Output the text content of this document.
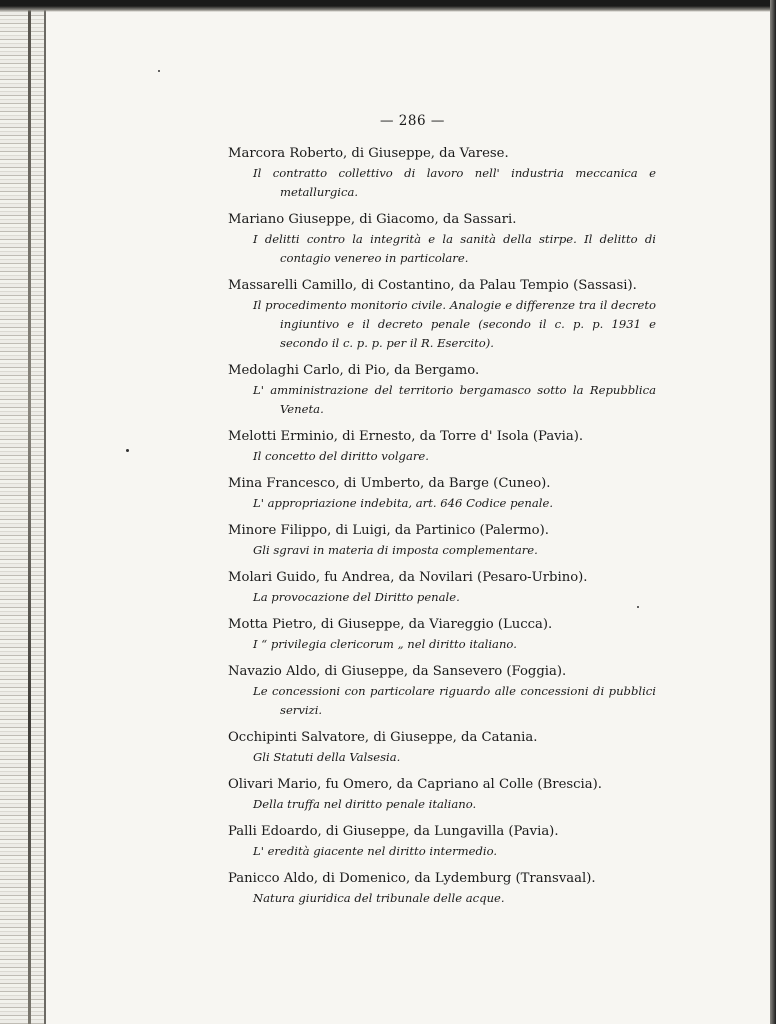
— 286 —
Marcora Roberto, di Giuseppe, da Varese.
Il contratto collettivo di lavoro nell' industria meccanica e metallurgica.
Mariano Giuseppe, di Giacomo, da Sassari.
I delitti contro la integrità e la sanità della stirpe. Il delitto di contagio venereo in particolare.
Massarelli Camillo, di Costantino, da Palau Tempio (Sassasi).
Il procedimento monitorio civile. Analogie e differenze tra il decreto ingiuntivo e il decreto penale (secondo il c. p. p. 1931 e secondo il c. p. p. per il R. Esercito).
Medolaghi Carlo, di Pio, da Bergamo.
L' amministrazione del territorio bergamasco sotto la Repubblica Veneta.
Melotti Erminio, di Ernesto, da Torre d' Isola (Pavia).
Il concetto del diritto volgare.
Mina Francesco, di Umberto, da Barge (Cuneo).
L' appropriazione indebita, art. 646 Codice penale.
Minore Filippo, di Luigi, da Partinico (Palermo).
Gli sgravi in materia di imposta complementare.
Molari Guido, fu Andrea, da Novilari (Pesaro-Urbino).
La provocazione del Diritto penale.
Motta Pietro, di Giuseppe, da Viareggio (Lucca).
I “ privilegia clericorum „ nel diritto italiano.
Navazio Aldo, di Giuseppe, da Sansevero (Foggia).
Le concessioni con particolare riguardo alle concessioni di pubblici servizi.
Occhipinti Salvatore, di Giuseppe, da Catania.
Gli Statuti della Valsesia.
Olivari Mario, fu Omero, da Capriano al Colle (Brescia).
Della truffa nel diritto penale italiano.
Palli Edoardo, di Giuseppe, da Lungavilla (Pavia).
L' eredità giacente nel diritto intermedio.
Panicco Aldo, di Domenico, da Lydemburg (Transvaal).
Natura giuridica del tribunale delle acque.
